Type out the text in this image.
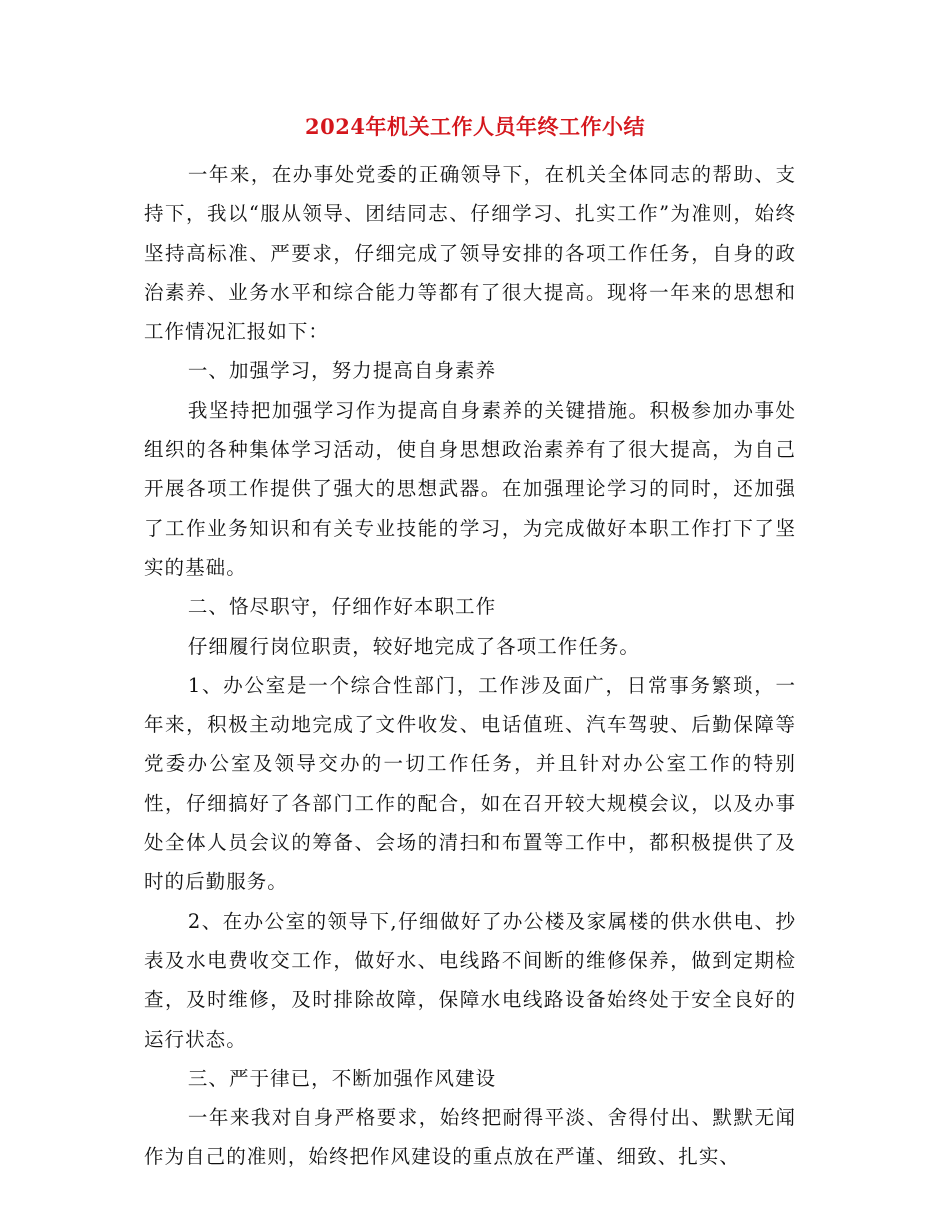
2024年机关工作人员年终工作小结

一年来，在办事处党委的正确领导下，在机关全体同志的帮助、支持下，我以“服从领导、团结同志、仔细学习、扎实工作”为准则，始终坚持高标准、严要求，仔细完成了领导安排的各项工作任务，自身的政治素养、业务水平和综合能力等都有了很大提高。现将一年来的思想和工作情况汇报如下：

一、加强学习，努力提高自身素养

我坚持把加强学习作为提高自身素养的关键措施。积极参加办事处组织的各种集体学习活动，使自身思想政治素养有了很大提高，为自己开展各项工作提供了强大的思想武器。在加强理论学习的同时，还加强了工作业务知识和有关专业技能的学习，为完成做好本职工作打下了坚实的基础。

二、恪尽职守，仔细作好本职工作

仔细履行岗位职责，较好地完成了各项工作任务。

1、办公室是一个综合性部门，工作涉及面广，日常事务繁琐，一年来，积极主动地完成了文件收发、电话值班、汽车驾驶、后勤保障等党委办公室及领导交办的一切工作任务，并且针对办公室工作的特别性，仔细搞好了各部门工作的配合，如在召开较大规模会议，以及办事处全体人员会议的筹备、会场的清扫和布置等工作中，都积极提供了及时的后勤服务。

2、在办公室的领导下,仔细做好了办公楼及家属楼的供水供电、抄表及水电费收交工作，做好水、电线路不间断的维修保养，做到定期检查，及时维修，及时排除故障，保障水电线路设备始终处于安全良好的运行状态。

三、严于律已，不断加强作风建设

一年来我对自身严格要求，始终把耐得平淡、舍得付出、默默无闻作为自己的准则，始终把作风建设的重点放在严谨、细致、扎实、
